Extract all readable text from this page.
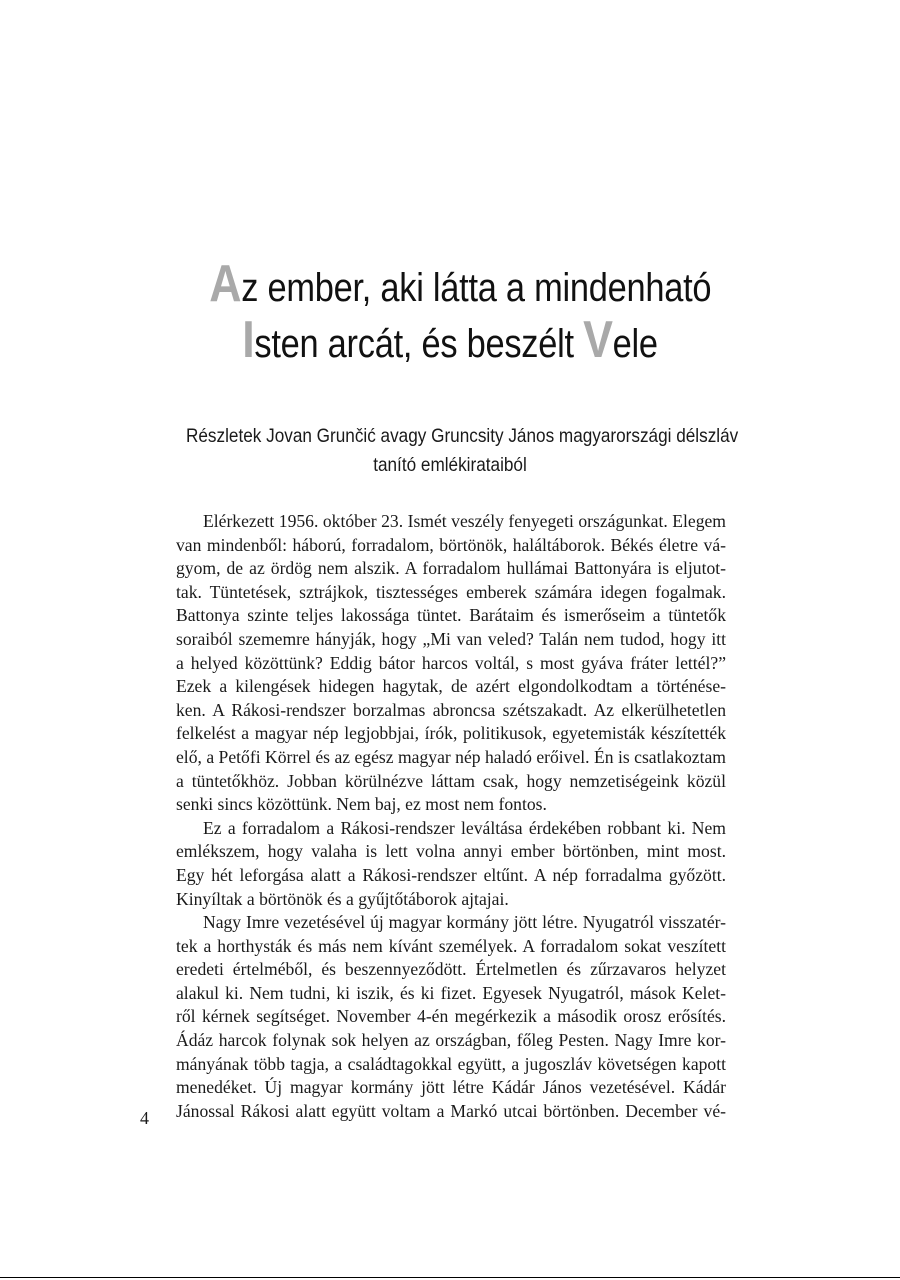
Az ember, aki látta a mindenható
Isten arcát, és beszélt Vele
Részletek Jovan Grunčić avagy Gruncsity János magyarországi délszláv
tanító emlékirataiból
Elérkezett 1956. október 23. Ismét veszély fenyegeti országunkat. Elegem
van mindenből: háború, forradalom, börtönök, haláltáborok. Békés életre vá-
gyom, de az ördög nem alszik. A forradalom hullámai Battonyára is eljutot-
tak. Tüntetések, sztrájkok, tisztességes emberek számára idegen fogalmak.
Battonya szinte teljes lakossága tüntet. Barátaim és ismerőseim a tüntetők
soraiból szememre hányják, hogy „Mi van veled? Talán nem tudod, hogy itt
a helyed közöttünk? Eddig bátor harcos voltál, s most gyáva fráter lettél?”
Ezek a kilengések hidegen hagytak, de azért elgondolkodtam a történése-
ken. A Rákosi-rendszer borzalmas abroncsa szétszakadt. Az elkerülhetetlen
felkelést a magyar nép legjobbjai, írók, politikusok, egyetemisták készítették
elő, a Petőfi Körrel és az egész magyar nép haladó erőivel. Én is csatlakoztam
a tüntetőkhöz. Jobban körülnézve láttam csak, hogy nemzetiségeink közül
senki sincs közöttünk. Nem baj, ez most nem fontos.
Ez a forradalom a Rákosi-rendszer leváltása érdekében robbant ki. Nem
emlékszem, hogy valaha is lett volna annyi ember börtönben, mint most.
Egy hét leforgása alatt a Rákosi-rendszer eltűnt. A nép forradalma győzött.
Kinyíltak a börtönök és a gyűjtőtáborok ajtajai.
Nagy Imre vezetésével új magyar kormány jött létre. Nyugatról visszatér-
tek a horthysták és más nem kívánt személyek. A forradalom sokat veszített
eredeti értelméből, és beszennyeződött. Értelmetlen és zűrzavaros helyzet
alakul ki. Nem tudni, ki iszik, és ki fizet. Egyesek Nyugatról, mások Kelet-
ről kérnek segítséget. November 4-én megérkezik a második orosz erősítés.
Ádáz harcok folynak sok helyen az országban, főleg Pesten. Nagy Imre kor-
mányának több tagja, a családtagokkal együtt, a jugoszláv követségen kapott
menedéket. Új magyar kormány jött létre Kádár János vezetésével. Kádár
Jánossal Rákosi alatt együtt voltam a Markó utcai börtönben. December vé-
4
